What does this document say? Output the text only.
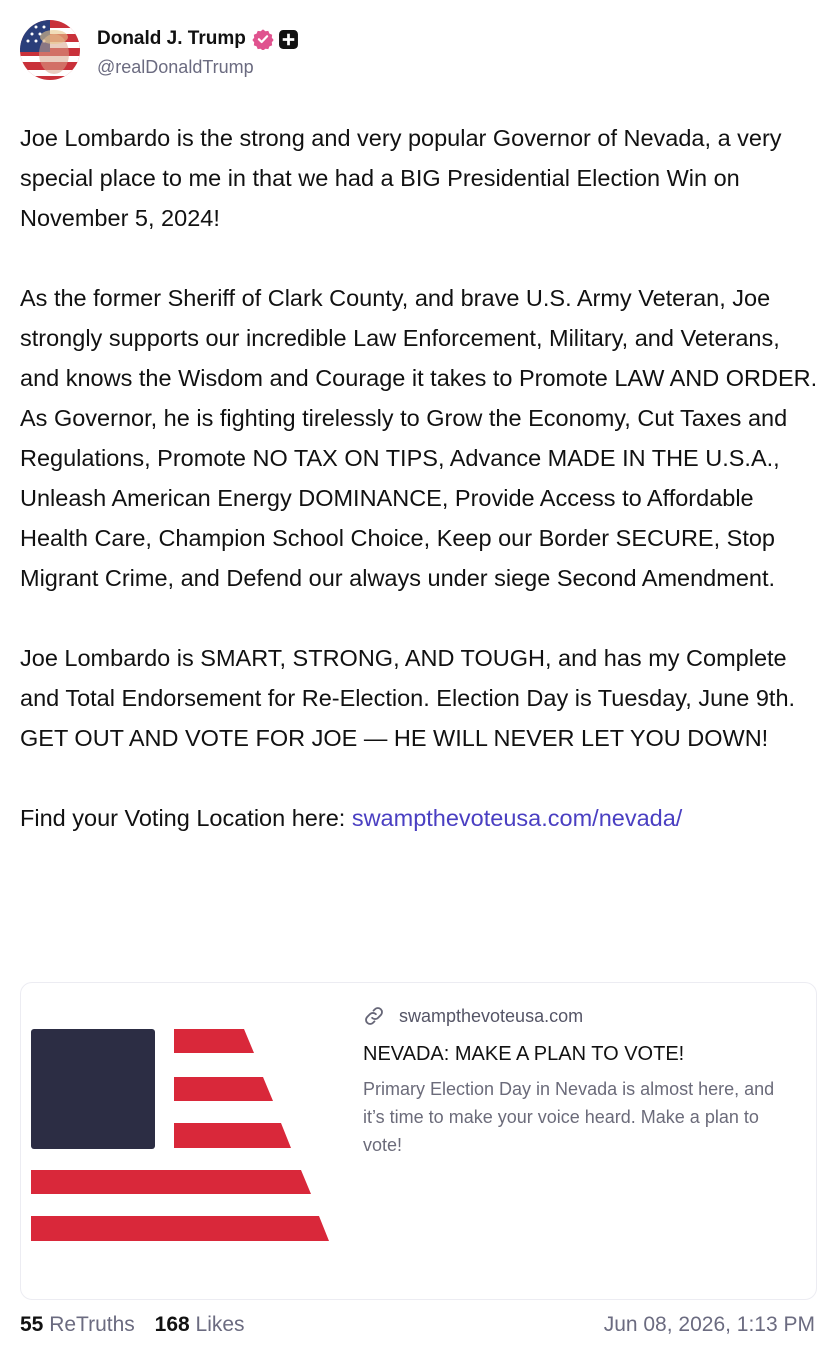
Donald J. Trump
@realDonaldTrump

Joe Lombardo is the strong and very popular Governor of Nevada, a very special place to me in that we had a BIG Presidential Election Win on November 5, 2024!

As the former Sheriff of Clark County, and brave U.S. Army Veteran, Joe strongly supports our incredible Law Enforcement, Military, and Veterans, and knows the Wisdom and Courage it takes to Promote LAW AND ORDER. As Governor, he is fighting tirelessly to Grow the Economy, Cut Taxes and Regulations, Promote NO TAX ON TIPS, Advance MADE IN THE U.S.A., Unleash American Energy DOMINANCE, Provide Access to Affordable Health Care, Champion School Choice, Keep our Border SECURE, Stop Migrant Crime, and Defend our always under siege Second Amendment.

Joe Lombardo is SMART, STRONG, AND TOUGH, and has my Complete and Total Endorsement for Re-Election. Election Day is Tuesday, June 9th. GET OUT AND VOTE FOR JOE — HE WILL NEVER LET YOU DOWN!

Find your Voting Location here: swampthevoteusa.com/nevada/

swampthevoteusa.com
NEVADA: MAKE A PLAN TO VOTE!
Primary Election Day in Nevada is almost here, and it’s time to make your voice heard. Make a plan to vote!
55 ReTruths 168 Likes	Jun 08, 2026, 1:13 PM
